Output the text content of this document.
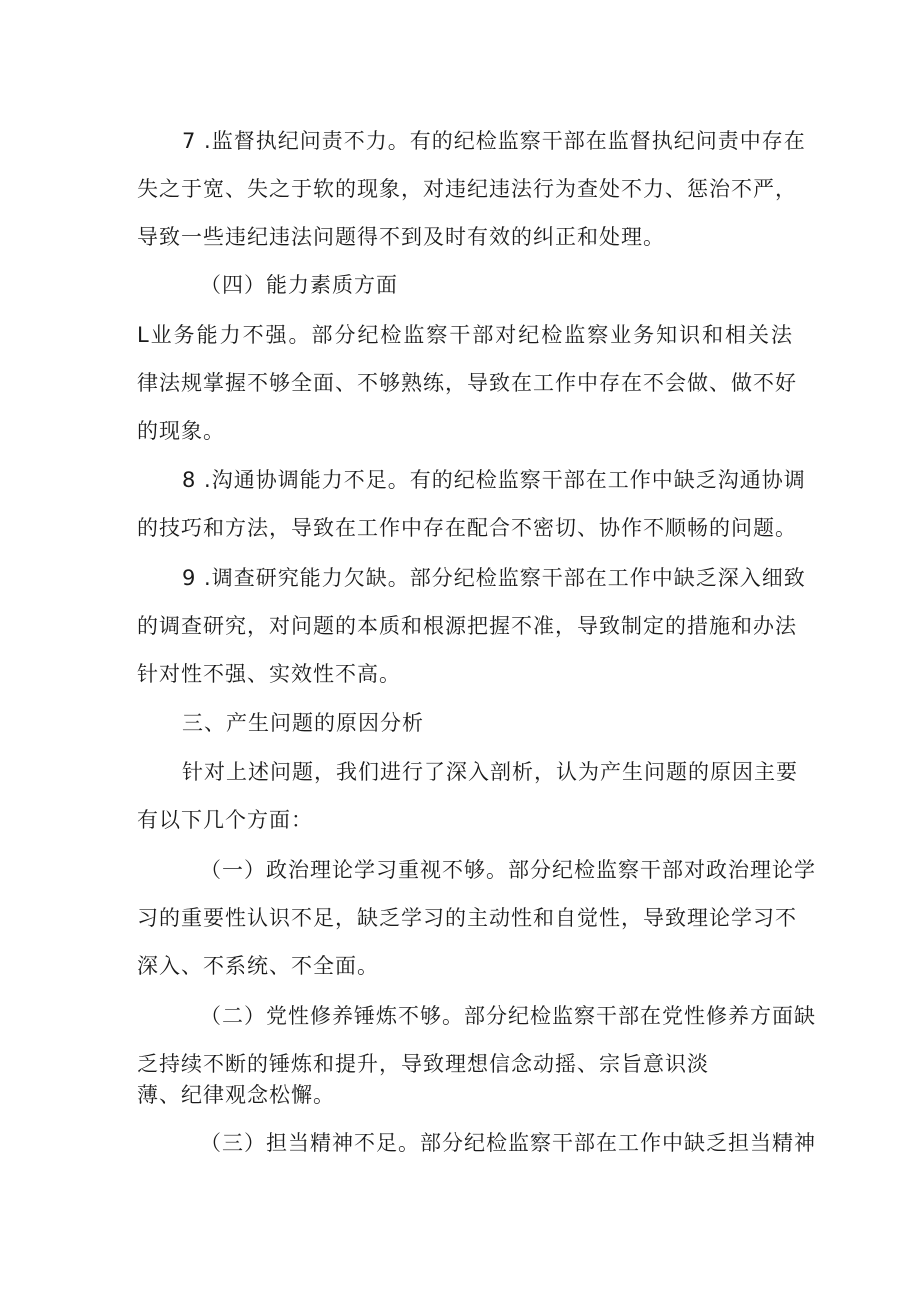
7 .监督执纪问责不力。有的纪检监察干部在监督执纪问责中存在

失之于宽、失之于软的现象，对违纪违法行为查处不力、惩治不严，

导致一些违纪违法问题得不到及时有效的纠正和处理。

（四）能力素质方面

L业务能力不强。部分纪检监察干部对纪检监察业务知识和相关法

律法规掌握不够全面、不够熟练，导致在工作中存在不会做、做不好

的现象。

8 .沟通协调能力不足。有的纪检监察干部在工作中缺乏沟通协调

的技巧和方法，导致在工作中存在配合不密切、协作不顺畅的问题。

9 .调查研究能力欠缺。部分纪检监察干部在工作中缺乏深入细致

的调查研究，对问题的本质和根源把握不准，导致制定的措施和办法

针对性不强、实效性不高。

三、产生问题的原因分析

针对上述问题，我们进行了深入剖析，认为产生问题的原因主要

有以下几个方面：

（一）政治理论学习重视不够。部分纪检监察干部对政治理论学

习的重要性认识不足，缺乏学习的主动性和自觉性，导致理论学习不

深入、不系统、不全面。

（二）党性修养锤炼不够。部分纪检监察干部在党性修养方面缺

乏持续不断的锤炼和提升，导致理想信念动摇、宗旨意识淡

薄、纪律观念松懈。

（三）担当精神不足。部分纪检监察干部在工作中缺乏担当精神
